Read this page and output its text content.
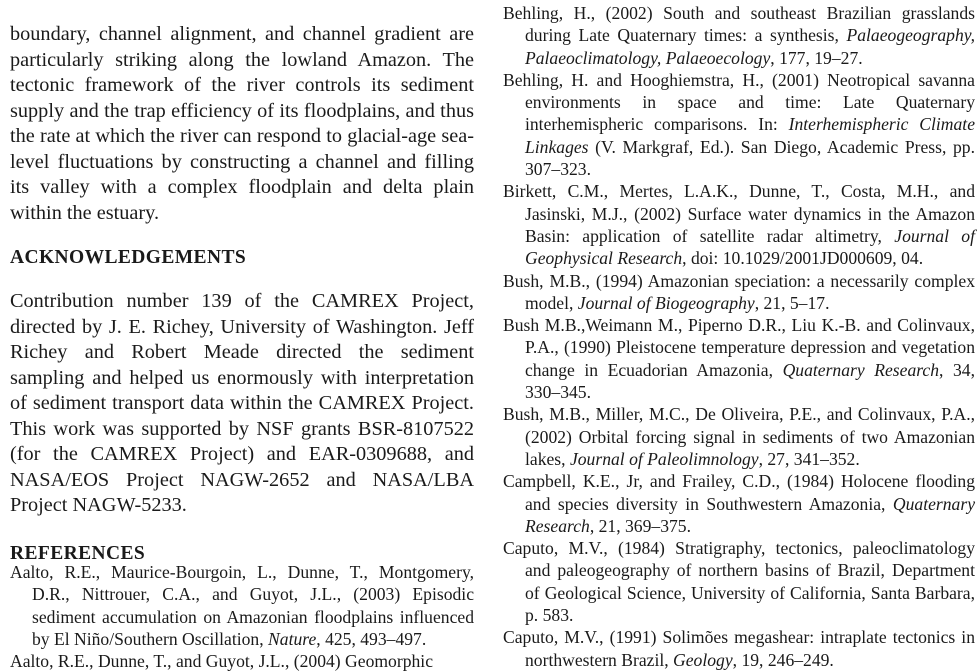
boundary, channel alignment, and channel gradient are particularly striking along the lowland Amazon. The tectonic framework of the river controls its sediment supply and the trap efficiency of its floodplains, and thus the rate at which the river can respond to glacial-age sea-level fluctuations by constructing a channel and filling its valley with a complex floodplain and delta plain within the estuary.

ACKNOWLEDGEMENTS

Contribution number 139 of the CAMREX Project, directed by J. E. Richey, University of Washington. Jeff Richey and Robert Meade directed the sediment sampling and helped us enormously with interpretation of sediment transport data within the CAMREX Project. This work was supported by NSF grants BSR-8107522 (for the CAMREX Project) and EAR-0309688, and NASA/EOS Project NAGW-2652 and NASA/LBA Project NAGW-5233.

REFERENCES
Aalto, R.E., Maurice-Bourgoin, L., Dunne, T., Montgomery, D.R., Nittrouer, C.A., and Guyot, J.L., (2003) Episodic sediment accumulation on Amazonian floodplains influenced by El Niño/Southern Oscillation, Nature, 425, 493–497.
Aalto, R.E., Dunne, T., and Guyot, J.L., (2004) Geomorphic
Behling, H., (2002) South and southeast Brazilian grasslands during Late Quaternary times: a synthesis, Palaeogeography, Palaeoclimatology, Palaeoecology, 177, 19–27.
Behling, H. and Hooghiemstra, H., (2001) Neotropical savanna environments in space and time: Late Quaternary interhemispheric comparisons. In: Interhemispheric Climate Linkages (V. Markgraf, Ed.). San Diego, Academic Press, pp. 307–323.
Birkett, C.M., Mertes, L.A.K., Dunne, T., Costa, M.H., and Jasinski, M.J., (2002) Surface water dynamics in the Amazon Basin: application of satellite radar altimetry, Journal of Geophysical Research, doi: 10.1029/2001JD000609, 04.
Bush, M.B., (1994) Amazonian speciation: a necessarily complex model, Journal of Biogeography, 21, 5–17.
Bush M.B.,Weimann M., Piperno D.R., Liu K.-B. and Colinvaux, P.A., (1990) Pleistocene temperature depression and vegetation change in Ecuadorian Amazonia, Quaternary Research, 34, 330–345.
Bush, M.B., Miller, M.C., De Oliveira, P.E., and Colinvaux, P.A., (2002) Orbital forcing signal in sediments of two Amazonian lakes, Journal of Paleolimnology, 27, 341–352.
Campbell, K.E., Jr, and Frailey, C.D., (1984) Holocene flooding and species diversity in Southwestern Amazonia, Quaternary Research, 21, 369–375.
Caputo, M.V., (1984) Stratigraphy, tectonics, paleoclimatology and paleogeography of northern basins of Brazil, Department of Geological Science, University of California, Santa Barbara, p. 583.
Caputo, M.V., (1991) Solimões megashear: intraplate tectonics in northwestern Brazil, Geology, 19, 246–249.
